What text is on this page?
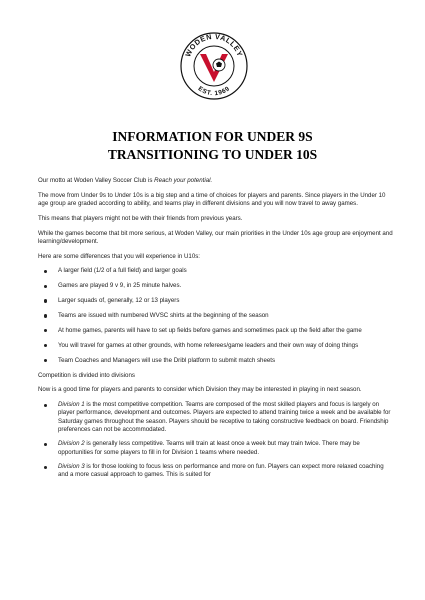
WODEN VALLEY
EST. 1969
INFORMATION FOR UNDER 9S
TRANSITIONING TO UNDER 10S

Our motto at Woden Valley Soccer Club is Reach your potential.

The move from Under 9s to Under 10s is a big step and a time of choices for players and parents. Since players in the Under 10 age group are graded according to ability, and teams play in different divisions and you will now travel to away games.

This means that players might not be with their friends from previous years.

While the games become that bit more serious, at Woden Valley, our main priorities in the Under 10s age group are enjoyment and learning/development.

Here are some differences that you will experience in U10s:

A larger field (1/2 of a full field) and larger goals
Games are played 9 v 9, in 25 minute halves.
Larger squads of, generally, 12 or 13 players
Teams are issued with numbered WVSC shirts at the beginning of the season
At home games, parents will have to set up fields before games and sometimes pack up the field after the game
You will travel for games at other grounds, with home referees/game leaders and their own way of doing things
Team Coaches and Managers will use the Dribl platform to submit match sheets

Competition is divided into divisions

Now is a good time for players and parents to consider which Division they may be interested in playing in next season.

Division 1 is the most competitive competition. Teams are composed of the most skilled players and focus is largely on player performance, development and outcomes. Players are expected to attend training twice a week and be available for Saturday games throughout the season. Players should be receptive to taking constructive feedback on board. Friendship preferences can not be accommodated.
Division 2 is generally less competitive. Teams will train at least once a week but may train twice. There may be opportunities for some players to fill in for Division 1 teams where needed.
Division 3 is for those looking to focus less on performance and more on fun. Players can expect more relaxed coaching and a more casual approach to games. This is suited for
